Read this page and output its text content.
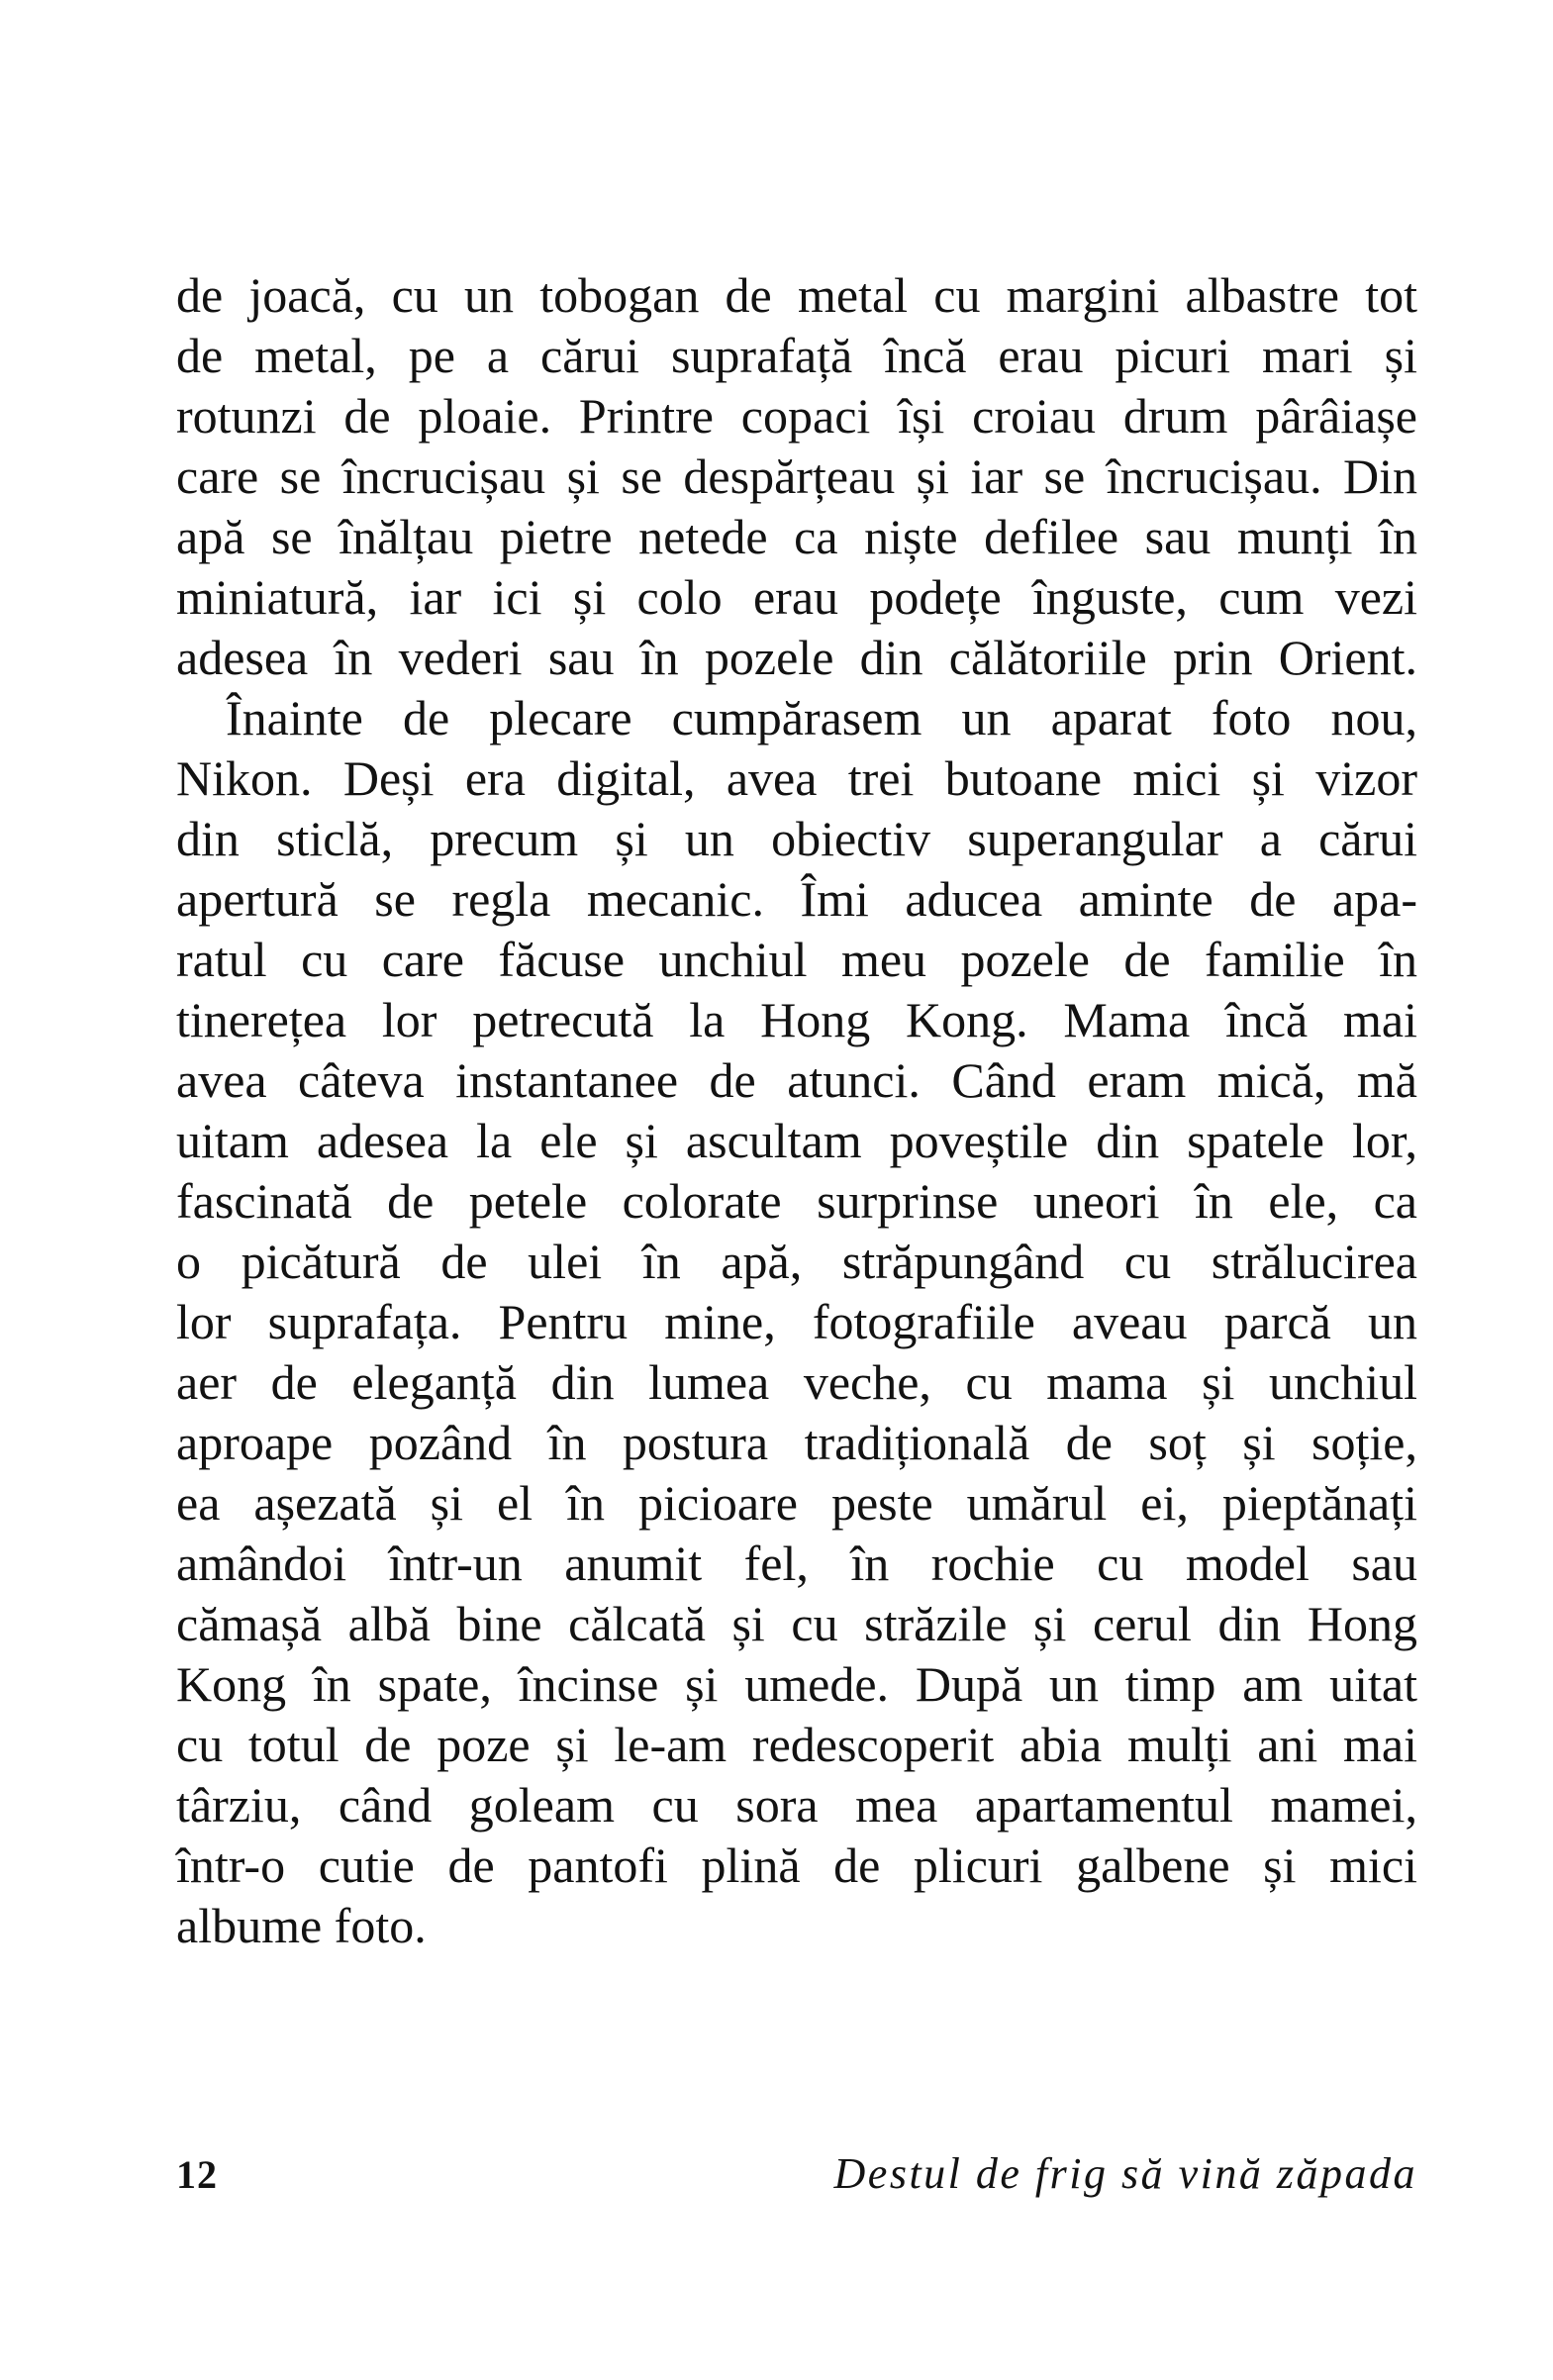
de joacă, cu un tobogan de metal cu margini albastre tot
de metal, pe a cărui suprafață încă erau picuri mari și
rotunzi de ploaie. Printre copaci își croiau drum pârâiașe
care se încrucișau și se despărțeau și iar se încrucișau. Din
apă se înălțau pietre netede ca niște defilee sau munți în
miniatură, iar ici și colo erau podețe înguste, cum vezi
adesea în vederi sau în pozele din călătoriile prin Orient.
Înainte de plecare cumpărasem un aparat foto nou,
Nikon. Deși era digital, avea trei butoane mici și vizor
din sticlă, precum și un obiectiv superangular a cărui
apertură se regla mecanic. Îmi aducea aminte de apa-
ratul cu care făcuse unchiul meu pozele de familie în
tinerețea lor petrecută la Hong Kong. Mama încă mai
avea câteva instantanee de atunci. Când eram mică, mă
uitam adesea la ele și ascultam poveștile din spatele lor,
fascinată de petele colorate surprinse uneori în ele, ca
o picătură de ulei în apă, străpungând cu strălucirea
lor suprafața. Pentru mine, fotografiile aveau parcă un
aer de eleganță din lumea veche, cu mama și unchiul
aproape pozând în postura tradițională de soț și soție,
ea așezată și el în picioare peste umărul ei, pieptănați
amândoi într-un anumit fel, în rochie cu model sau
cămașă albă bine călcată și cu străzile și cerul din Hong
Kong în spate, încinse și umede. După un timp am uitat
cu totul de poze și le-am redescoperit abia mulți ani mai
târziu, când goleam cu sora mea apartamentul mamei,
într-o cutie de pantofi plină de plicuri galbene și mici
albume foto.
12	Destul de frig să vină zăpada
